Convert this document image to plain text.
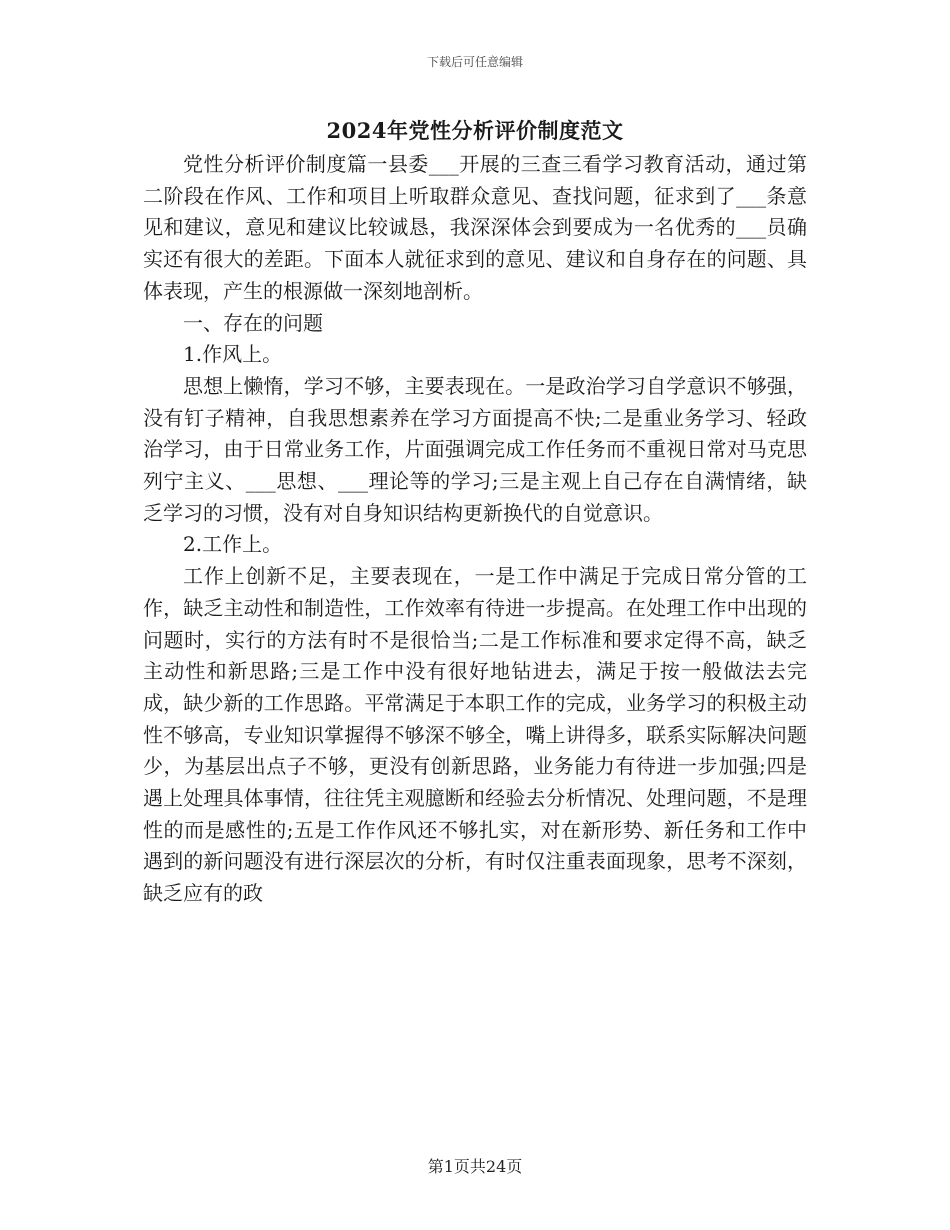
下载后可任意编辑
2024年党性分析评价制度范文

党性分析评价制度篇一县委___开展的三查三看学习教育活动，通过第二阶段在作风、工作和项目上听取群众意见、查找问题，征求到了___条意见和建议，意见和建议比较诚恳，我深深体会到要成为一名优秀的___员确实还有很大的差距。下面本人就征求到的意见、建议和自身存在的问题、具体表现，产生的根源做一深刻地剖析。

一、存在的问题

1.作风上。

思想上懒惰，学习不够，主要表现在。一是政治学习自学意识不够强，没有钉子精神，自我思想素养在学习方面提高不快;二是重业务学习、轻政治学习，由于日常业务工作，片面强调完成工作任务而不重视日常对马克思列宁主义、___思想、___理论等的学习;三是主观上自己存在自满情绪，缺乏学习的习惯，没有对自身知识结构更新换代的自觉意识。

2.工作上。

工作上创新不足，主要表现在，一是工作中满足于完成日常分管的工作，缺乏主动性和制造性，工作效率有待进一步提高。在处理工作中出现的问题时，实行的方法有时不是很恰当;二是工作标准和要求定得不高，缺乏主动性和新思路;三是工作中没有很好地钻进去，满足于按一般做法去完成，缺少新的工作思路。平常满足于本职工作的完成，业务学习的积极主动性不够高，专业知识掌握得不够深不够全，嘴上讲得多，联系实际解决问题少，为基层出点子不够，更没有创新思路，业务能力有待进一步加强;四是遇上处理具体事情，往往凭主观臆断和经验去分析情况、处理问题，不是理性的而是感性的;五是工作作风还不够扎实，对在新形势、新任务和工作中遇到的新问题没有进行深层次的分析，有时仅注重表面现象，思考不深刻，缺乏应有的政

第1页共24页
